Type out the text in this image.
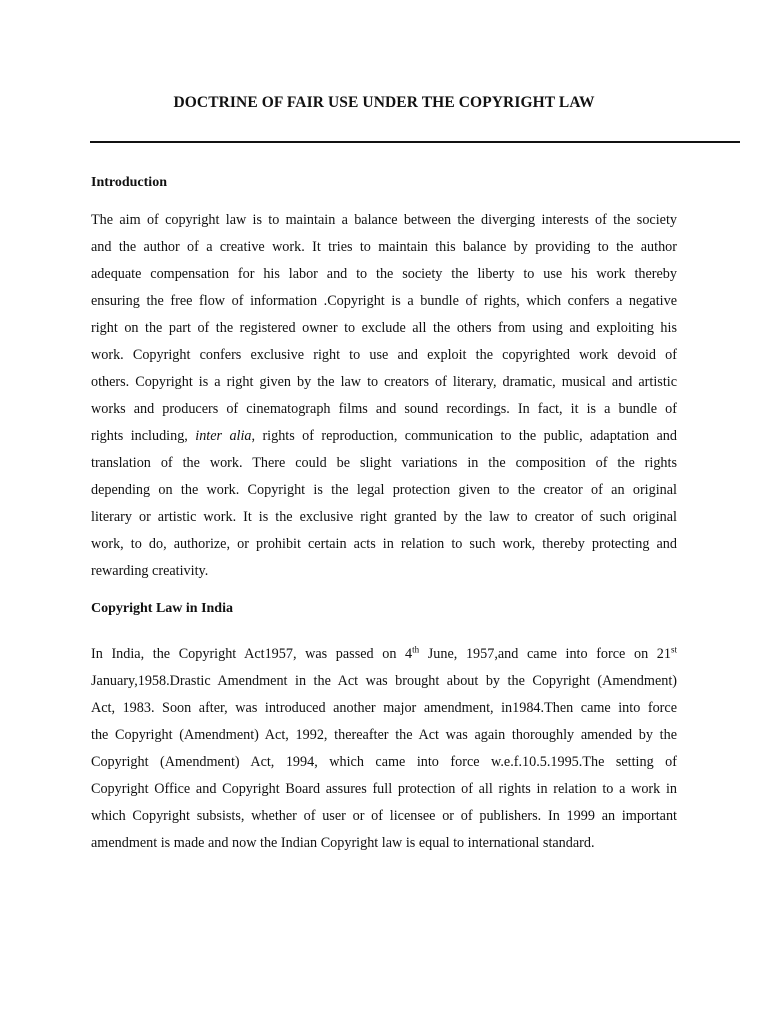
DOCTRINE OF FAIR USE UNDER THE COPYRIGHT LAW
Introduction
The aim of copyright law is to maintain a balance between the diverging interests of the society
and the author of a creative work. It tries to maintain this balance by providing to the author
adequate compensation for his labor and to the society the liberty to use his work thereby
ensuring the free flow of information .Copyright is a bundle of rights, which confers a negative
right on the part of the registered owner to exclude all the others from using and exploiting his
work. Copyright confers exclusive right to use and exploit the copyrighted work devoid of
others. Copyright is a right given by the law to creators of literary, dramatic, musical and artistic
works and producers of cinematograph films and sound recordings. In fact, it is a bundle of
rights including, inter alia, rights of reproduction, communication to the public, adaptation and
translation of the work. There could be slight variations in the composition of the rights
depending on the work. Copyright is the legal protection given to the creator of an original
literary or artistic work. It is the exclusive right granted by the law to creator of such original
work, to do, authorize, or prohibit certain acts in relation to such work, thereby protecting and
rewarding creativity.
Copyright Law in India
In India, the Copyright Act1957, was passed on 4th June, 1957,and came into force on 21st
January,1958.Drastic Amendment in the Act was brought about by the Copyright (Amendment)
Act, 1983. Soon after, was introduced another major amendment, in1984.Then came into force
the Copyright (Amendment) Act, 1992, thereafter the Act was again thoroughly amended by the
Copyright (Amendment) Act, 1994, which came into force w.e.f.10.5.1995.The setting of
Copyright Office and Copyright Board assures full protection of all rights in relation to a work in
which Copyright subsists, whether of user or of licensee or of publishers. In 1999 an important
amendment is made and now the Indian Copyright law is equal to international standard.
